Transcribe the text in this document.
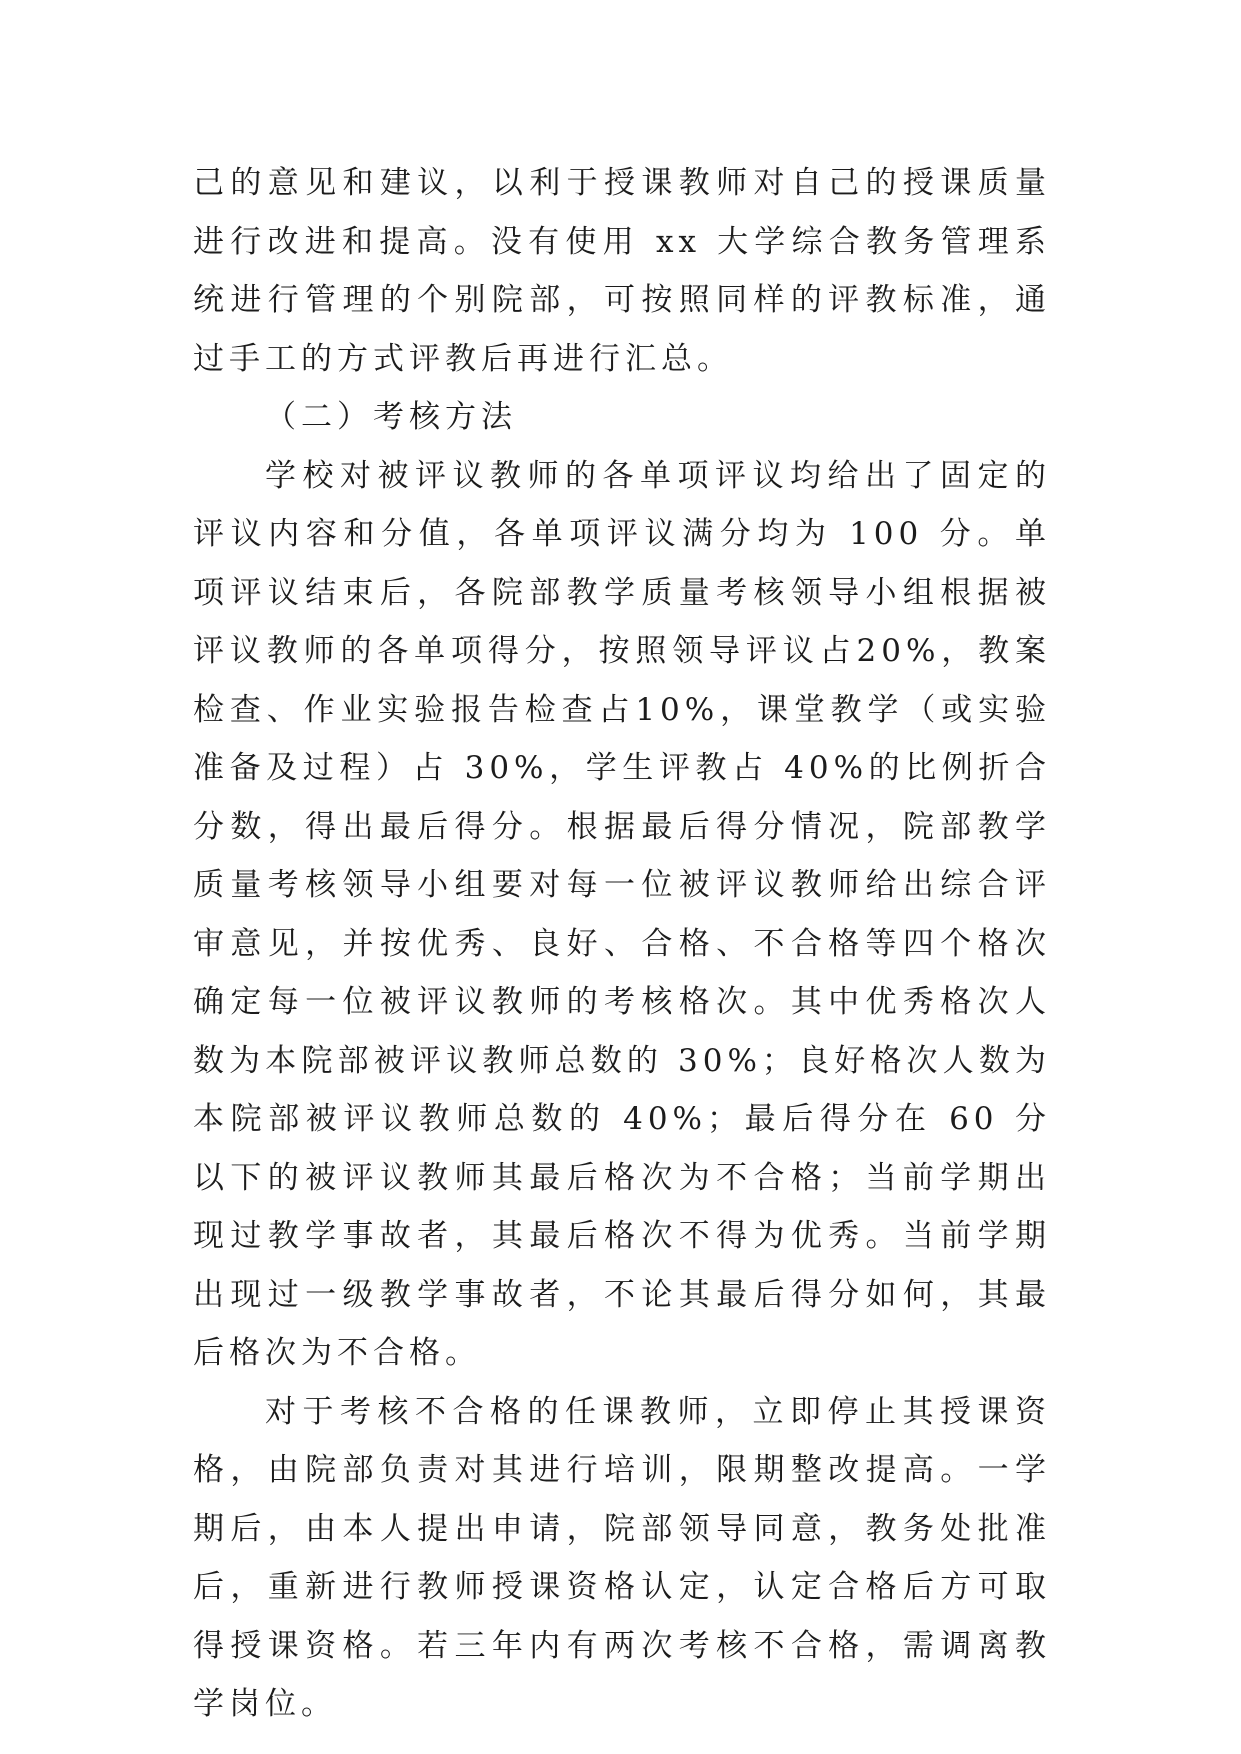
己的意见和建议，以利于授课教师对自己的授课质量进行改进和提高。没有使用 xx 大学综合教务管理系统进行管理的个别院部，可按照同样的评教标准，通过手工的方式评教后再进行汇总。

（二）考核方法

学校对被评议教师的各单项评议均给出了固定的评议内容和分值，各单项评议满分均为 100 分。单项评议结束后，各院部教学质量考核领导小组根据被评议教师的各单项得分，按照领导评议占20%，教案检查、作业实验报告检查占10%，课堂教学（或实验准备及过程）占 30%，学生评教占 40%的比例折合分数，得出最后得分。根据最后得分情况，院部教学质量考核领导小组要对每一位被评议教师给出综合评审意见，并按优秀、良好、合格、不合格等四个格次确定每一位被评议教师的考核格次。其中优秀格次人数为本院部被评议教师总数的 30%；良好格次人数为本院部被评议教师总数的 40%；最后得分在 60 分以下的被评议教师其最后格次为不合格；当前学期出现过教学事故者，其最后格次不得为优秀。当前学期出现过一级教学事故者，不论其最后得分如何，其最后格次为不合格。

对于考核不合格的任课教师，立即停止其授课资格，由院部负责对其进行培训，限期整改提高。一学期后，由本人提出申请，院部领导同意，教务处批准后，重新进行教师授课资格认定，认定合格后方可取得授课资格。若三年内有两次考核不合格，需调离教学岗位。
